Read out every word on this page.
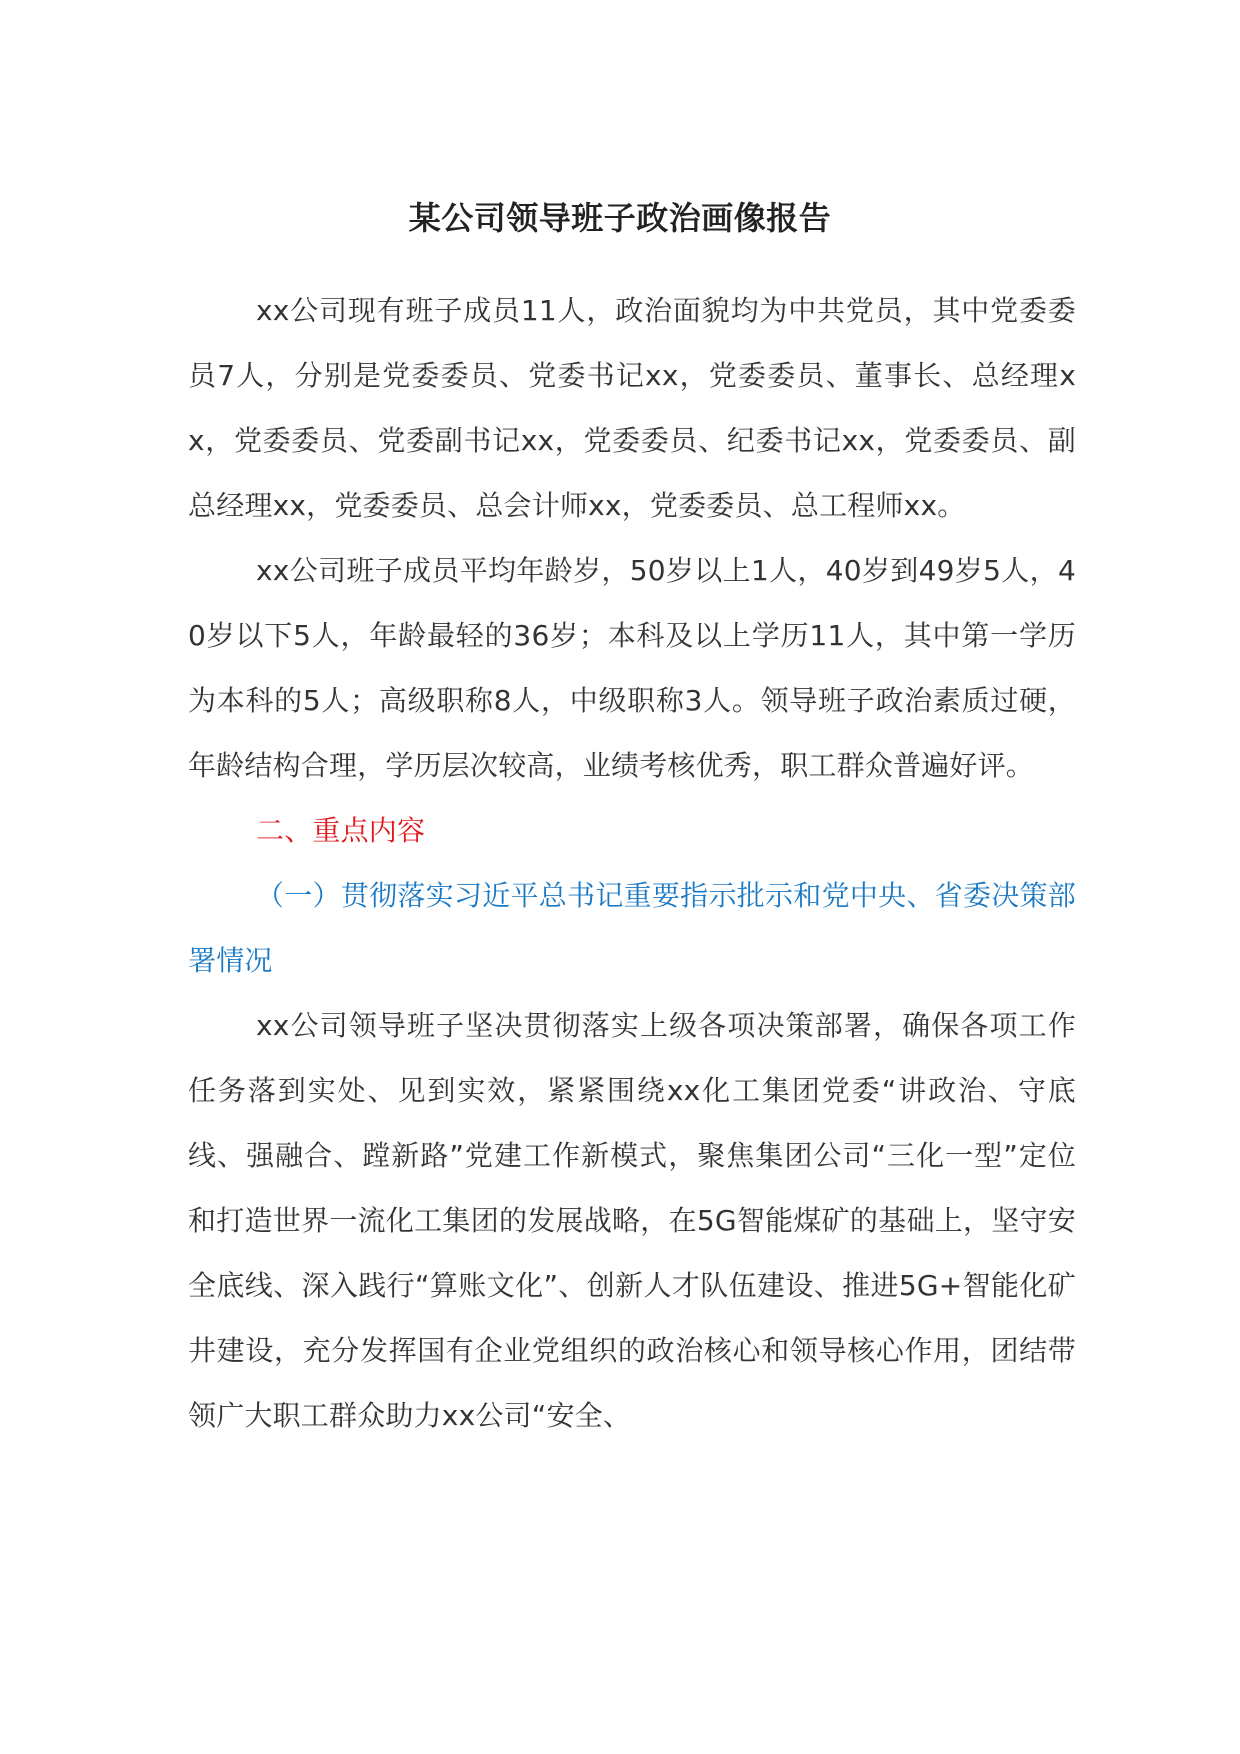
某公司领导班子政治画像报告

xx公司现有班子成员11人，政治面貌均为中共党员，其中党委委员7人，分别是党委委员、党委书记xx，党委委员、董事长、总经理xx，党委委员、党委副书记xx，党委委员、纪委书记xx，党委委员、副总经理xx，党委委员、总会计师xx，党委委员、总工程师xx。

xx公司班子成员平均年龄岁，50岁以上1人，40岁到49岁5人，40岁以下5人，年龄最轻的36岁；本科及以上学历11人，其中第一学历为本科的5人；高级职称8人，中级职称3人。领导班子政治素质过硬，年龄结构合理，学历层次较高，业绩考核优秀，职工群众普遍好评。

二、重点内容

（一）贯彻落实习近平总书记重要指示批示和党中央、省委决策部署情况

xx公司领导班子坚决贯彻落实上级各项决策部署，确保各项工作任务落到实处、见到实效，紧紧围绕xx化工集团党委“讲政治、守底线、强融合、蹚新路”党建工作新模式，聚焦集团公司“三化一型”定位和打造世界一流化工集团的发展战略，在5G智能煤矿的基础上，坚守安全底线、深入践行“算账文化”、创新人才队伍建设、推进5G+智能化矿井建设，充分发挥国有企业党组织的政治核心和领导核心作用，团结带领广大职工群众助力xx公司“安全、
